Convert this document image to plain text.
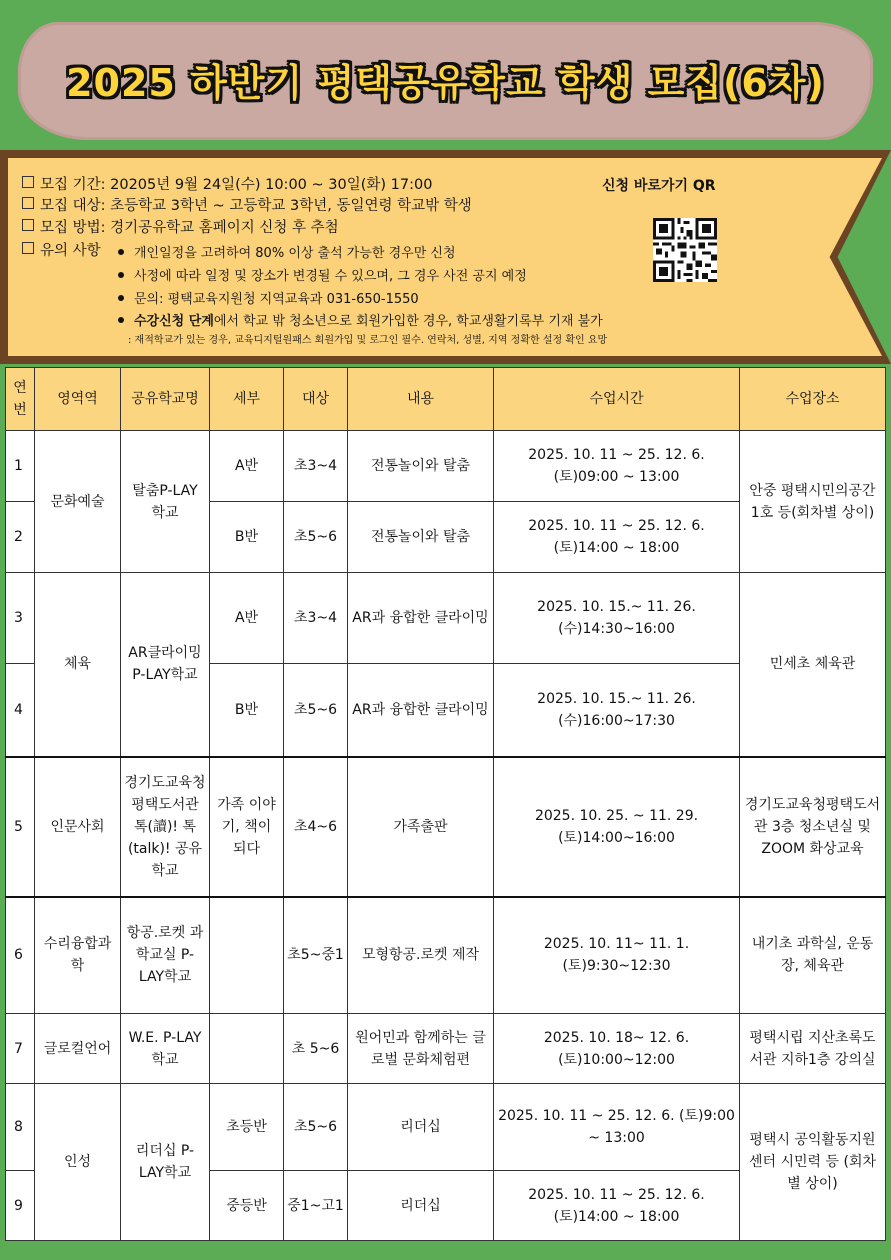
2025 하반기 평택공유학교 학생 모집(6차)
모집 기간: 20205년 9월 24일(수) 10:00 ~ 30일(화) 17:00
모집 대상: 초등학교 3학년 ~ 고등학교 3학년, 동일연령 학교밖 학생
모집 방법: 경기공유학교 홈페이지 신청 후 추첨
유의 사항	개인일정을 고려하여 80% 이상 출석 가능한 경우만 신청
사정에 따라 일정 및 장소가 변경될 수 있으며, 그 경우 사전 공지 예정
문의: 평택교육지원청 지역교육과 031-650-1550
수강신청 단계에서 학교 밖 청소년으로 회원가입한 경우, 학교생활기록부 기재 불가
: 재적학교가 있는 경우, 교육디지털원패스 회원가입 및 로그인 필수. 연락처, 성별, 지역 정확한 설정 확인 요망
신청 바로가기 QR
연번	영역역	공유학교명	세부	대상	내용	수업시간	수업장소
1	문화예술	탈춤P-LAY 학교	A반	초3~4	전통놀이와 탈춤	2025. 10. 11 ~ 25. 12. 6. (토)09:00 ~ 13:00	안중 평택시민의공간 1호 등(회차별 상이)
2			B반	초5~6	전통놀이와 탈춤	2025. 10. 11 ~ 25. 12. 6. (토)14:00 ~ 18:00	
3	체육	AR클라이밍 P-LAY학교	A반	초3~4	AR과 융합한 클라이밍	2025. 10. 15.~ 11. 26. (수)14:30~16:00	민세초 체육관
4			B반	초5~6	AR과 융합한 클라이밍	2025. 10. 15.~ 11. 26. (수)16:00~17:30	
5	인문사회	경기도교육청평택도서관 톡(讀)! 톡(talk)! 공유학교	가족 이야기, 책이 되다	초4~6	가족출판	2025. 10. 25. ~ 11. 29. (토)14:00~16:00	경기도교육청평택도서관 3층 청소년실 및 ZOOM 화상교육
6	수리융합과학	항공.로켓 과학교실 P-LAY학교		초5~중1	모형항공.로켓 제작	2025. 10. 11~ 11. 1. (토)9:30~12:30	내기초 과학실, 운동장, 체육관
7	글로컬언어	W.E. P-LAY학교		초 5~6	원어민과 함께하는 글로벌 문화체험편	2025. 10. 18~ 12. 6. (토)10:00~12:00	평택시립 지산초록도서관 지하1층 강의실
8	인성	리더십 P-LAY학교	초등반	초5~6	리더십	2025. 10. 11 ~ 25. 12. 6. (토)9:00 ~ 13:00	평택시 공익활동지원센터 시민력 등 (회차별 상이)
9			중등반	중1~고1	리더십	2025. 10. 11 ~ 25. 12. 6. (토)14:00 ~ 18:00	
